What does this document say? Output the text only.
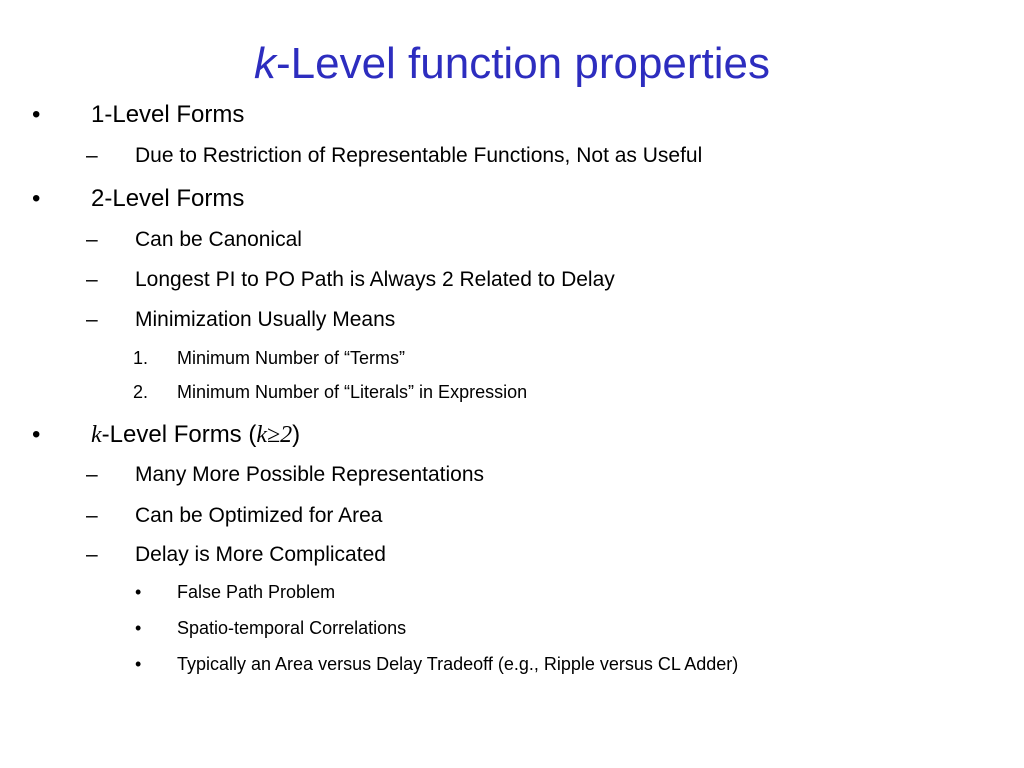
k-Level function properties
• 1-Level Forms
– Due to Restriction of Representable Functions, Not as Useful
• 2-Level Forms
– Can be Canonical
– Longest PI to PO Path is Always 2 Related to Delay
– Minimization Usually Means
1. Minimum Number of “Terms”
2. Minimum Number of “Literals” in Expression
• k-Level Forms (k≥2)
– Many More Possible Representations
– Can be Optimized for Area
– Delay is More Complicated
• False Path Problem
• Spatio-temporal Correlations
• Typically an Area versus Delay Tradeoff (e.g., Ripple versus CL Adder)
